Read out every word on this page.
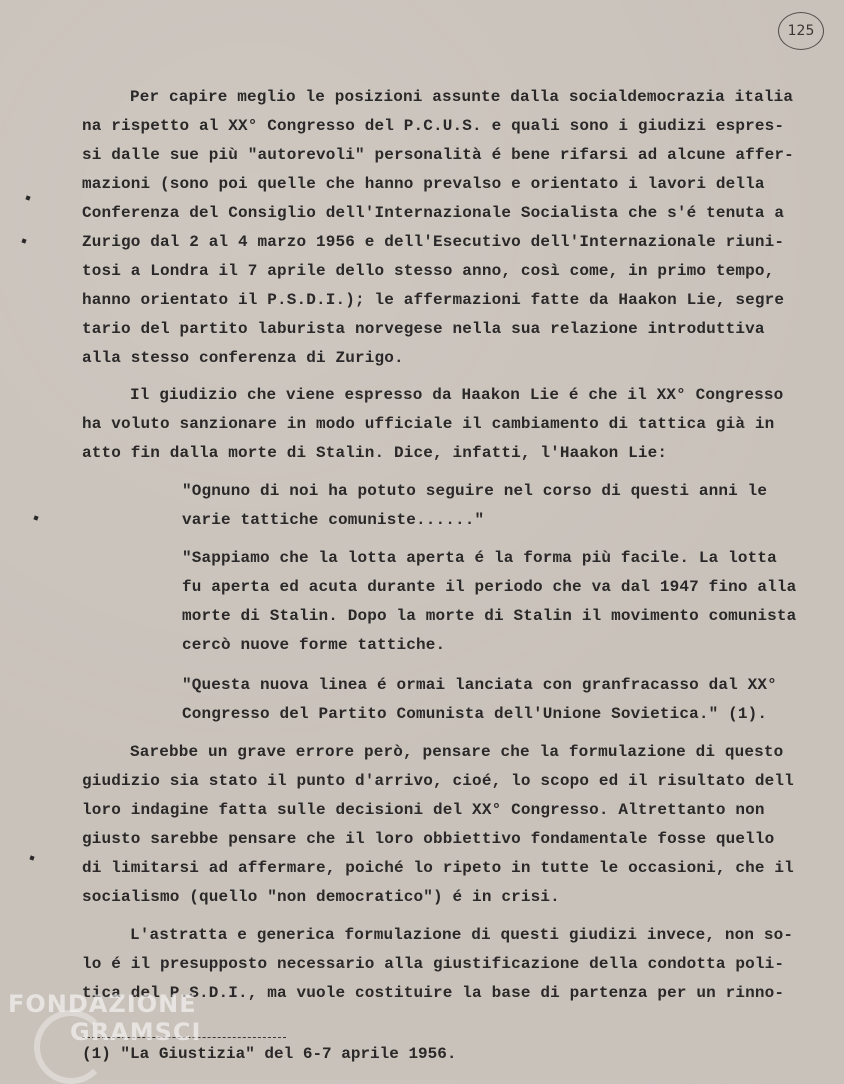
125
Per capire meglio le posizioni assunte dalla socialdemocrazia italia
na rispetto al XX° Congresso del P.C.U.S. e quali sono i giudizi espres-
si dalle sue più "autorevoli" personalità é bene rifarsi ad alcune affer-
mazioni (sono poi quelle che hanno prevalso e orientato i lavori della
Conferenza del Consiglio dell'Internazionale Socialista che s'é tenuta a
Zurigo dal 2 al 4 marzo 1956 e dell'Esecutivo dell'Internazionale riuni-
tosi a Londra il 7 aprile dello stesso anno, così come, in primo tempo,
hanno orientato il P.S.D.I.); le affermazioni fatte da Haakon Lie, segre
tario del partito laburista norvegese nella sua relazione introduttiva
alla stesso conferenza di Zurigo.
Il giudizio che viene espresso da Haakon Lie é che il XX° Congresso
ha voluto sanzionare in modo ufficiale il cambiamento di tattica già in
atto fin dalla morte di Stalin. Dice, infatti, l'Haakon Lie:
"Ognuno di noi ha potuto seguire nel corso di questi anni le
varie tattiche comuniste......"
"Sappiamo che la lotta aperta é la forma più facile. La lotta
fu aperta ed acuta durante il periodo che va dal 1947 fino alla
morte di Stalin. Dopo la morte di Stalin il movimento comunista
cercò nuove forme tattiche.
"Questa nuova linea é ormai lanciata con granfracasso dal XX°
Congresso del Partito Comunista dell'Unione Sovietica." (1).
Sarebbe un grave errore però, pensare che la formulazione di questo
giudizio sia stato il punto d'arrivo, cioé, lo scopo ed il risultato dell
loro indagine fatta sulle decisioni del XX° Congresso. Altrettanto non
giusto sarebbe pensare che il loro obbiettivo fondamentale fosse quello
di limitarsi ad affermare, poiché lo ripeto in tutte le occasioni, che il
socialismo (quello "non democratico") é in crisi.
L'astratta e generica formulazione di questi giudizi invece, non so-
lo é il presupposto necessario alla giustificazione della condotta poli-
tica del P.S.D.I., ma vuole costituire la base di partenza per un rinno-
(1) "La Giustizia" del 6-7 aprile 1956.
FONDAZIONE
GRAMSCI
